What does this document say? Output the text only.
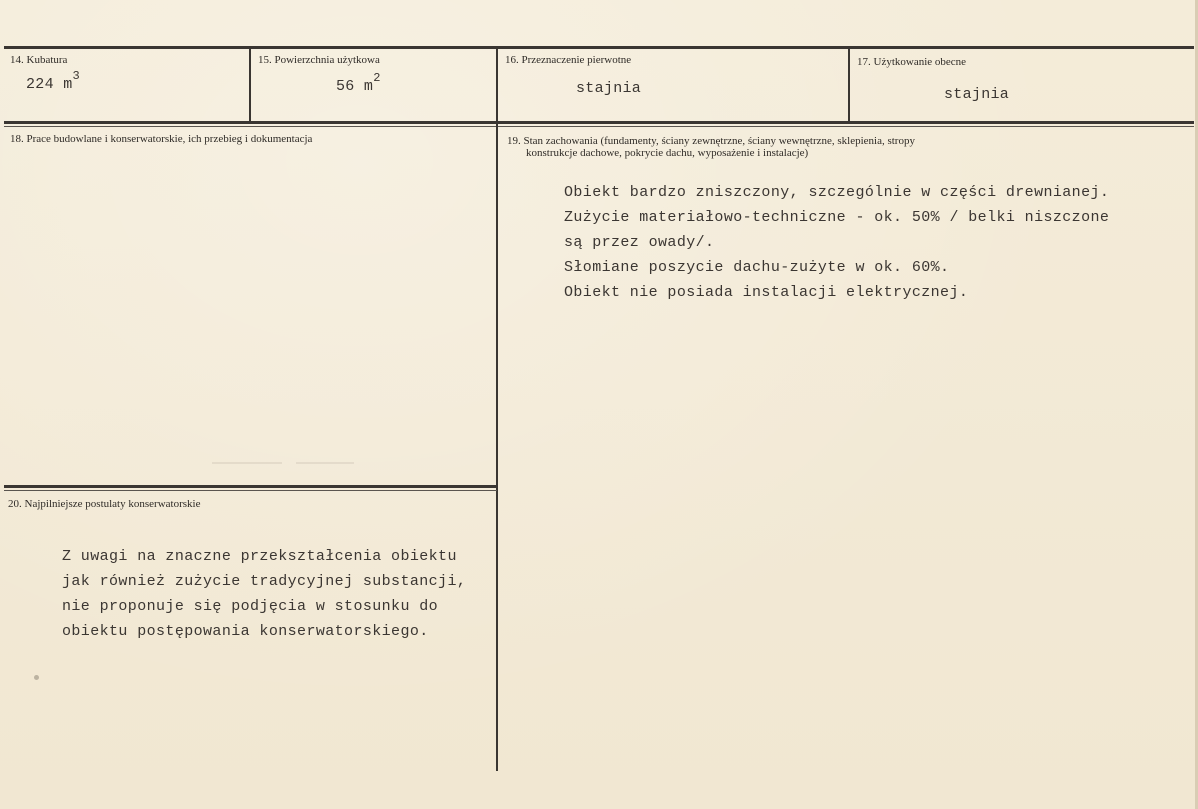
14. Kubatura
224 $m^3$
15. Powierzchnia użytkowa
56 $m^2$
16. Przeznaczenie pierwotne
stajnia
17. Użytkowanie obecne
stajnia
18. Prace budowlane i konserwatorskie, ich przebieg i dokumentacja	19. Stan zachowania (fundamenty, ściany zewnętrzne, ściany wewnętrzne, sklepienia, stropy
konstrukcje dachowe, pokrycie dachu, wyposażenie i instalacje)
Obiekt bardzo zniszczony, szczególnie w części drewnianej.
Zużycie materiałowo-techniczne - ok. 50% / belki niszczone
są przez owady/.
Słomiane poszycie dachu-zużyte w ok. 60%.
Obiekt nie posiada instalacji elektrycznej.
20. Najpilniejsze postulaty konserwatorskie
Z uwagi na znaczne przekształcenia obiektu
jak również zużycie tradycyjnej substancji,
nie proponuje się podjęcia w stosunku do
obiektu postępowania konserwatorskiego.
